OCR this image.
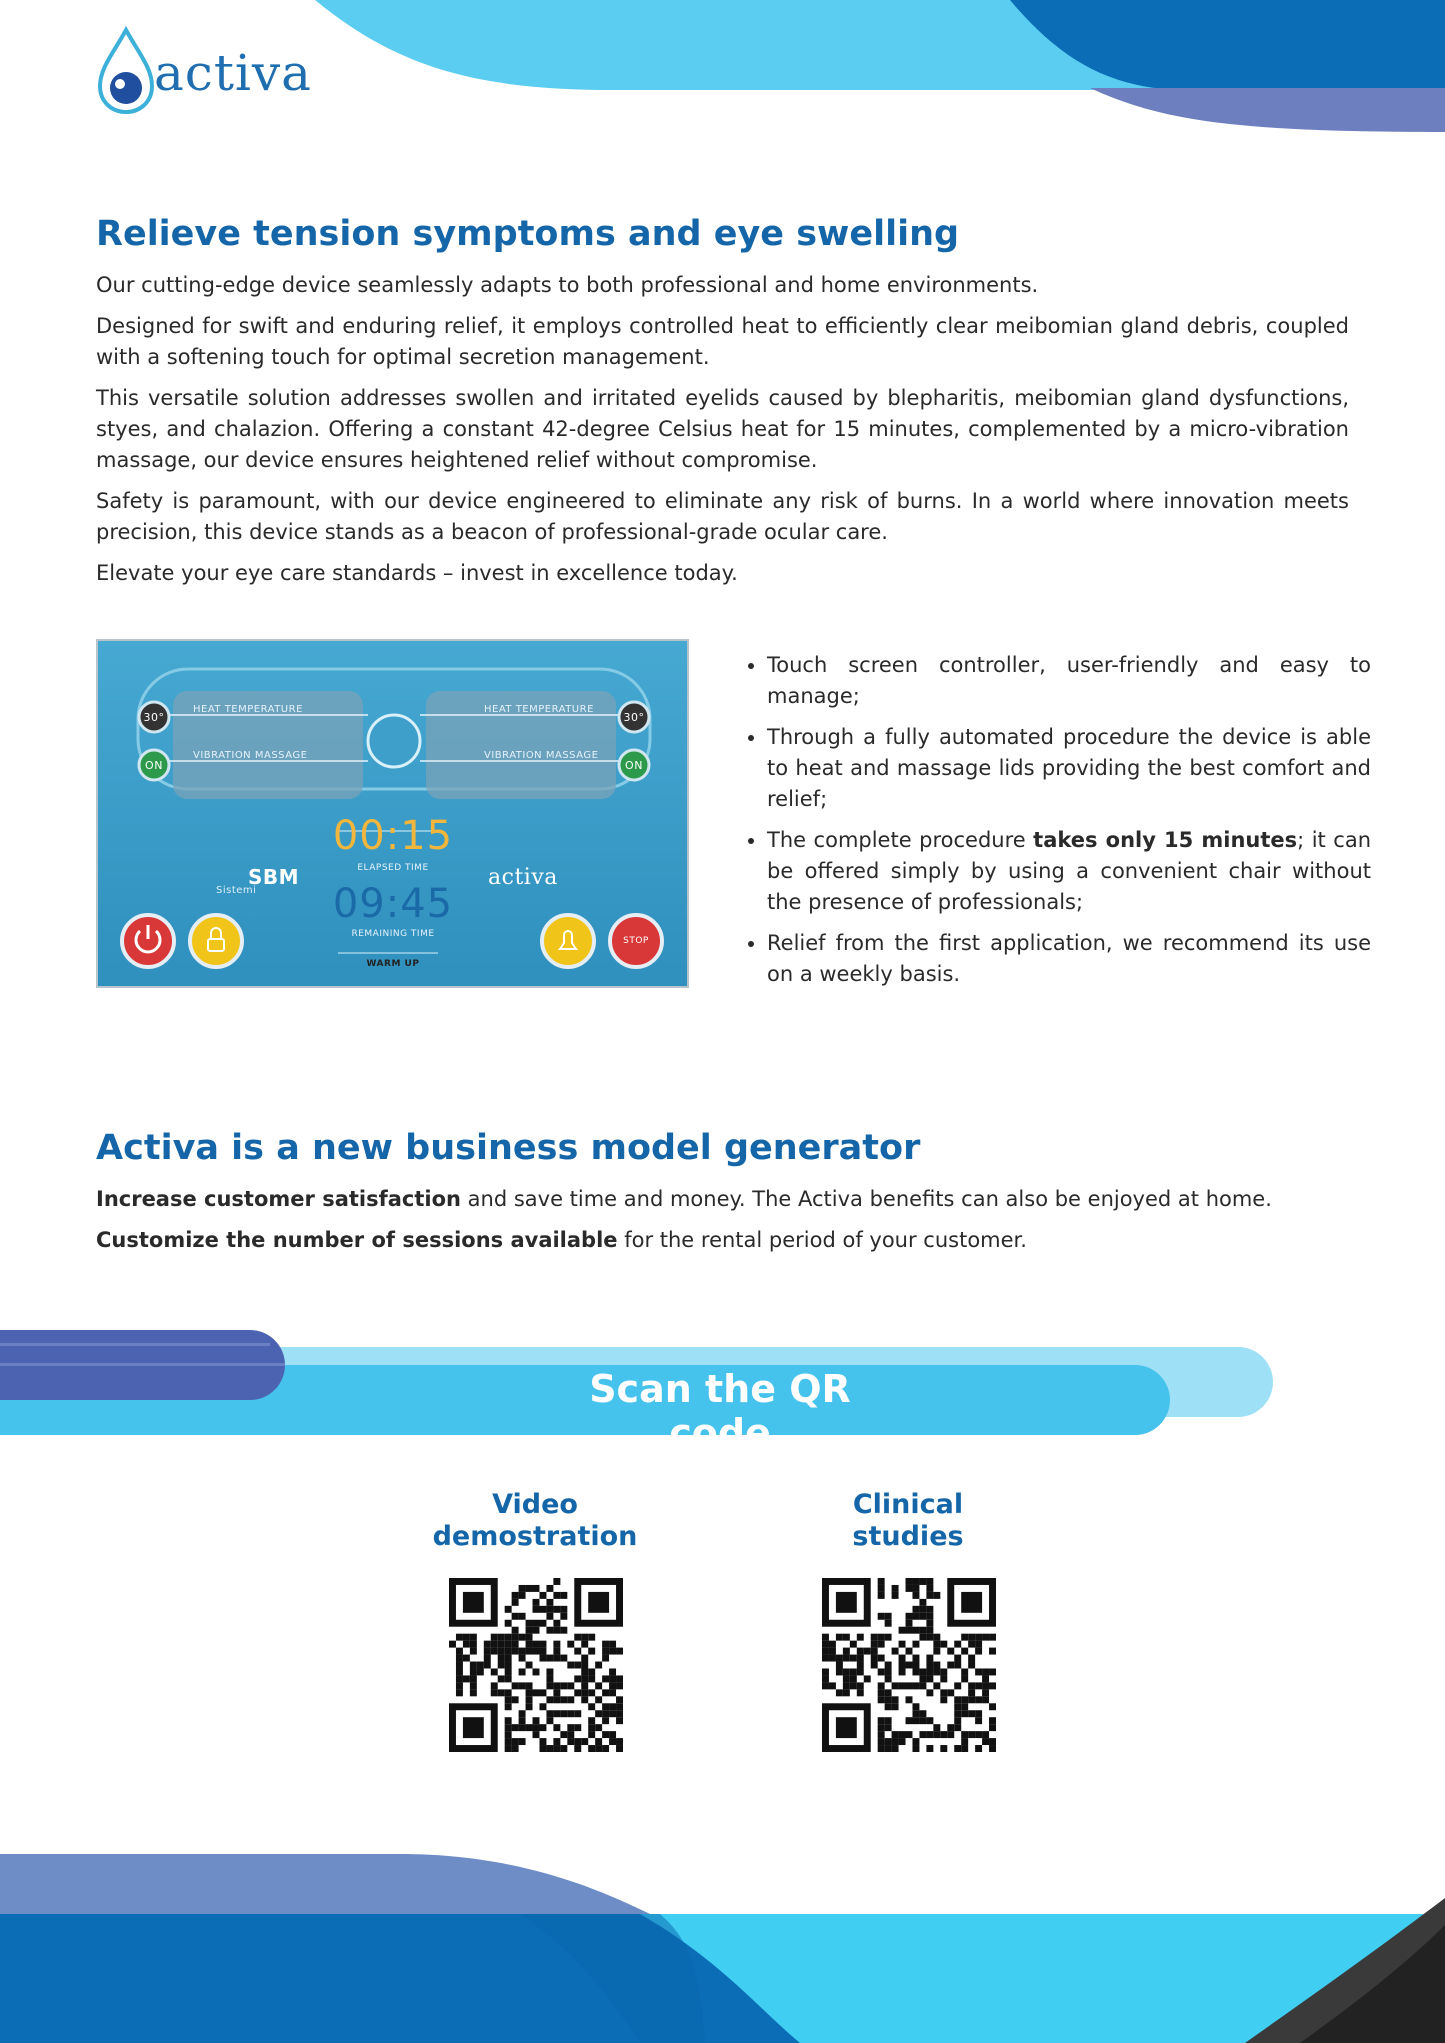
activa
Relieve tension symptoms and eye swelling

Our cutting-edge device seamlessly adapts to both professional and home environments.

Designed for swift and enduring relief, it employs controlled heat to efficiently clear meibomian gland debris, coupled with a softening touch for optimal secretion management.

This versatile solution addresses swollen and irritated eyelids caused by blepharitis, meibomian gland dysfunctions, styes, and chalazion. Offering a constant 42-degree Celsius heat for 15 minutes, complemented by a micro-vibration massage, our device ensures heightened relief without compromise.

Safety is paramount, with our device engineered to eliminate any risk of burns. In a world where innovation meets precision, this device stands as a beacon of professional-grade ocular care.

Elevate your eye care standards – invest in excellence today.

HEAT TEMPERATURE	HEAT TEMPERATURE
VIBRATION MASSAGE	VIBRATION MASSAGE
30°	30°
ON	ON
00:15
ELAPSED TIME
09:45
REMAINING TIME
WARM UP
SBM
Sistemi
activa
STOP
• Touch screen controller, user-friendly and easy to manage;
• Through a fully automated procedure the device is able to heat and massage lids providing the best comfort and relief;
• The complete procedure takes only 15 minutes; it can be offered simply by using a convenient chair without the presence of professionals;
• Relief from the first application, we recommend its use on a weekly basis.
Activa is a new business model generator

Increase customer satisfaction and save time and money. The Activa benefits can also be enjoyed at home.

Customize the number of sessions available for the rental period of your customer.

Scan the QR code
Video
demostration
Clinical
studies
